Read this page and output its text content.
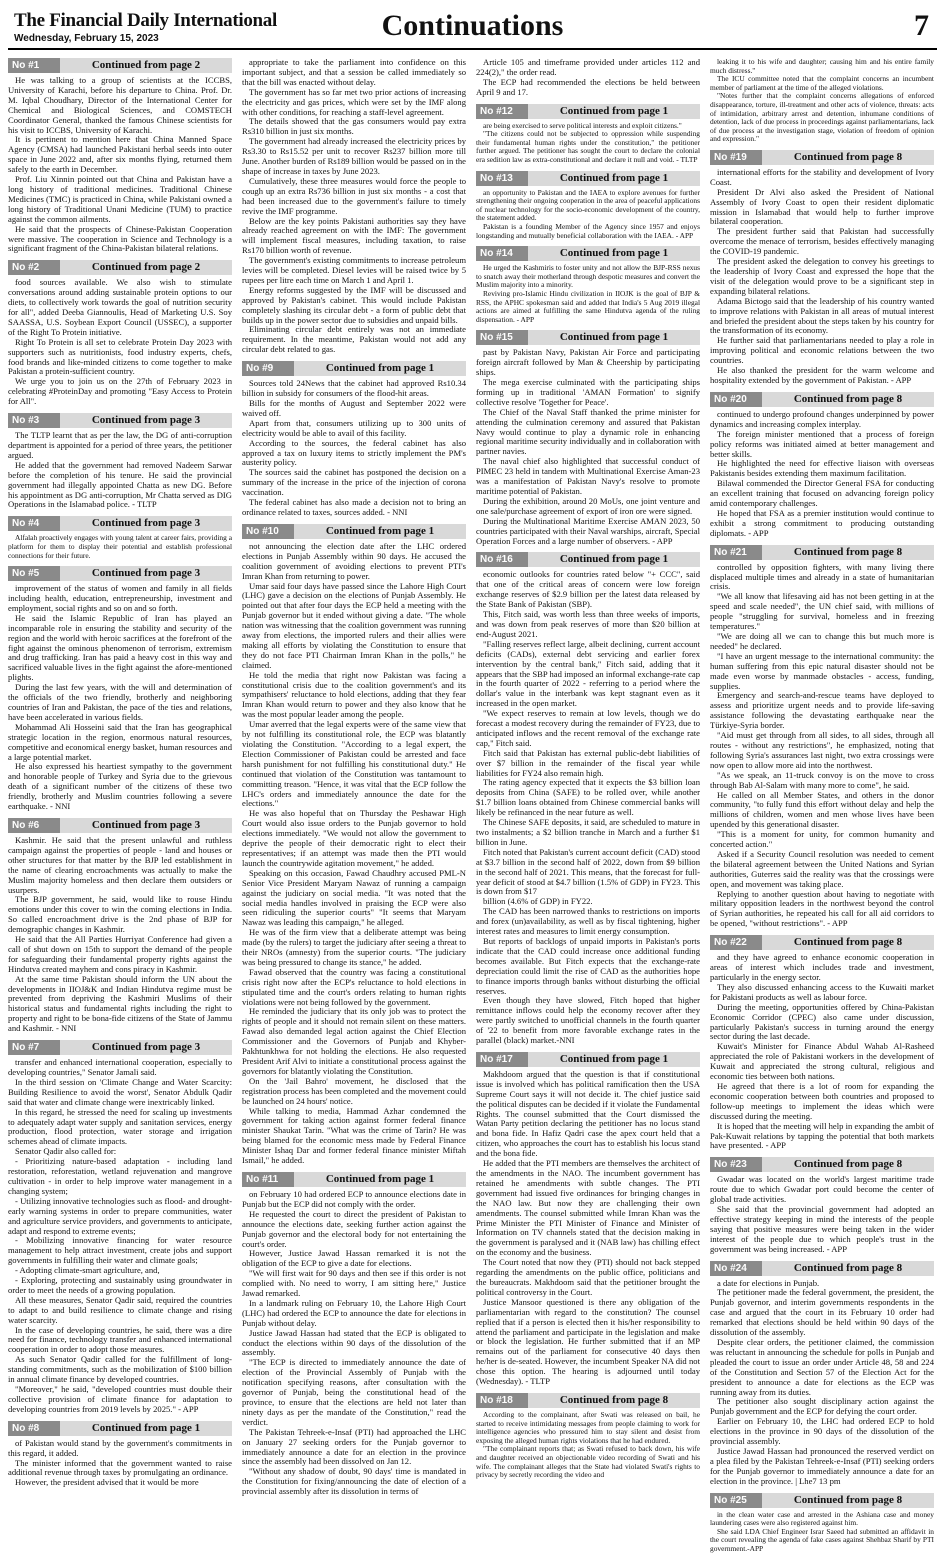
The Financial Daily International
Wednesday, February 15, 2023	Continuations	7
No #1	Continued from page 2

He was talking to a group of scientists at the ICCBS, University of Karachi, before his departure to China. Prof. Dr. M. Iqbal Choudhary, Director of the International Center for Chemical and Biological Sciences, and COMSTECH Coordinator General, thanked the famous Chinese scientists for his visit to ICCBS, University of Karachi.

It is pertinent to mention here that China Manned Space Agency (CMSA) had launched Pakistani herbal seeds into outer space in June 2022 and, after six months flying, returned them safely to the earth in December.

Prof. Liu Xinnin pointed out that China and Pakistan have a long history of traditional medicines. Traditional Chinese Medicines (TMC) is practiced in China, while Pakistani owned a long history of Traditional Unani Medicine (TUM) to practice against the common ailments.

He said that the prospects of Chinese-Pakistan Cooperation were massive. The cooperation in Science and Technology is a significant fragment of the China-Pakistan bilateral relations.

No #2	Continued from page 2

food sources available. We also wish to stimulate conversations around adding sustainable protein options to our diets, to collectively work towards the goal of nutrition security for all", added Deeba Giannoulis, Head of Marketing U.S. Soy SAASSA, U.S. Soybean Export Council (USSEC), a supporter of the Right To Protein initiative.

Right To Protein is all set to celebrate Protein Day 2023 with supporters such as nutritionists, food industry experts, chefs, food brands and like-minded citizens to come together to make Pakistan a protein-sufficient country.

We urge you to join us on the 27th of February 2023 in celebrating #ProteinDay and promoting "Easy Access to Protein for All".

No #3	Continued from page 3

The TLTP learnt that as per the law, the DG of anti-corruption department is appointed for a period of three years, the petitioner argued.

He added that the government had removed Nadeem Sarwar before the completion of his tenure. He said the provincial government had illegally appointed Chatta as new DG. Before his appointment as DG anti-corruption, Mr Chatta served as DIG Operations in the Islamabad police. - TLTP

No #4	Continued from page 3

Alfalah proactively engages with young talent at career fairs, providing a platform for them to display their potential and establish professional connections for their future.

No #5	Continued from page 3

improvement of the status of women and family in all fields including health, education, entrepreneurship, investment and employment, social rights and so on and so forth.

He said the Islamic Republic of Iran has played an incomparable role in ensuring the stability and security of the region and the world with heroic sacrifices at the forefront of the fight against the ominous phenomenon of terrorism, extremism and drug trafficking. Iran has paid a heavy cost in this way and sacrificed valuable lives in the fight against the afore-mentioned plights.

During the last few years, with the will and determination of the officials of the two friendly, brotherly and neighboring countries of Iran and Pakistan, the pace of the ties and relations, have been accelerated in various fields.

Mohammad Ali Hosseini said that the Iran has geographical strategic location in the region, enormous natural resources, competitive and economical energy basket, human resources and a large potential market.

He also expressed his heartiest sympathy to the government and honorable people of Turkey and Syria due to the grievous death of a significant number of the citizens of these two friendly, brotherly and Muslim countries following a severe earthquake. - NNI

No #6	Continued from page 3

Kashmir. He said that the present unlawful and ruthless campaign against the properties of people - land and houses or other structures for that matter by the BJP led establishment in the name of clearing encroachments was actually to make the Muslim majority homeless and then declare them outsiders or usurpers.

The BJP government, he said, would like to rouse Hindu emotions under this cover to win the coming elections in India. So called encroachment drive is the 2nd phase of BJP for demographic changes in Kashmir.

He said that the All Parties Hurriyat Conference had given a call of shut down on 15th to support the demand of the people for safeguarding their fundamental property rights against the Hindutva created mayhem and cons piracy in Kashmir.

At the same time Pakistan should inform the UN about the developments in IIOJ&K and Indian Hindutva regime must be prevented from depriving the Kashmiri Muslims of their historical status and fundamental rights including the right to property and right to be bona-fide citizens of the State of Jammu and Kashmir. - NNI

No #7	Continued from page 3

transfer and enhanced international cooperation, especially to developing countries," Senator Jamali said.

In the third session on 'Climate Change and Water Scarcity: Building Resilience to avoid the worst', Senator Abdulk Qadir said that water and climate change were inextricably linked.

In this regard, he stressed the need for scaling up investments to adequately adapt water supply and sanitation services, energy production, flood protection, water storage and irrigation schemes ahead of climate impacts.

Senator Qadir also called for:

- Prioritizing nature-based adaptation - including land restoration, reforestation, wetland rejuvenation and mangrove cultivation - in order to help improve water management in a changing system;

- Utilizing innovative technologies such as flood- and drought-early warning systems in order to prepare communities, water and agriculture service providers, and governments to anticipate, adapt and respond to extreme events;

- Mobilizing innovative financing for water resource management to help attract investment, create jobs and support governments in fulfilling their water and climate goals;

- Adopting climate-smart agriculture, and,

- Exploring, protecting and sustainably using groundwater in order to meet the needs of a growing population.

All these measures, Senator Qadir said, required the countries to adapt to and build resilience to climate change and rising water scarcity.

In the case of developing countries, he said, there was a dire need for finance, technology transfer and enhanced international cooperation in order to adopt those measures.

As such Senator Qadir called for the fulfillment of long-standing commitments, such as the mobilization of $100 billion in annual climate finance by developed countries.

"Moreover," he said, "developed countries must double their collective provision of climate finance for adaptation to developing countries from 2019 levels by 2025." - APP

No #8	Continued from page 1

of Pakistan would stand by the government's commitments in this regard, it added.

The minister informed that the government wanted to raise additional revenue through taxes by promulgating an ordinance.

However, the president advised that it would be more

appropriate to take the parliament into confidence on this important subject, and that a session be called immediately so that the bill was enacted without delay.

The government has so far met two prior actions of increasing the electricity and gas prices, which were set by the IMF along with other conditions, for reaching a staff-level agreement.

The details showed that the gas consumers would pay extra Rs310 billion in just six months.

The government had already increased the electricity prices by Rs3.30 to Rs15.52 per unit to recover Rs237 billion more till June. Another burden of Rs189 billion would be passed on in the shape of increase in taxes by June 2023.

Cumulatively, these three measures would force the people to cough up an extra Rs736 billion in just six months - a cost that had been increased due to the government's failure to timely revive the IMF programme.

Below are the key points Pakistani authorities say they have already reached agreement on with the IMF: The government will implement fiscal measures, including taxation, to raise Rs170 billion worth of revenue.

The government's existing commitments to increase petroleum levies will be completed. Diesel levies will be raised twice by 5 rupees per litre each time on March 1 and April 1.

Energy reforms suggested by the IMF will be discussed and approved by Pakistan's cabinet. This would include Pakistan completely slashing its circular debt - a form of public debt that builds up in the power sector due to subsidies and unpaid bills.

Eliminating circular debt entirely was not an immediate requirement. In the meantime, Pakistan would not add any circular debt related to gas.

No #9	Continued from page 1

Sources told 24News that the cabinet had approved Rs10.34 billion in subsidy for consumers of the flood-hit areas.

Bills for the months of August and September 2022 were waived off.

Apart from that, consumers utilizing up to 300 units of electricity would be able to avail of this facility.

According to the sources, the federal cabinet has also approved a tax on luxury items to strictly implement the PM's austerity policy.

The sources said the cabinet has postponed the decision on a summary of the increase in the price of the injection of corona vaccination.

The federal cabinet has also made a decision not to bring an ordinance related to taxes, sources added. - NNI

No #10	Continued from page 1

not announcing the election date after the LHC ordered elections in Punjab Assembly within 90 days. He accused the coalition government of avoiding elections to prevent PTI's Imran Khan from returning to power.

Umar said four days have passed since the Lahore High Court (LHC) gave a decision on the elections of Punjab Assembly. He pointed out that after four days the ECP held a meeting with the Punjab governor but it ended without giving a date. "The whole nation was witnessing that the coalition government was running away from elections, the imported rulers and their allies were making all efforts by violating the Constitution to ensure that they do not face PTI Chairman Imran Khan in the polls," he claimed.

He told the media that right now Pakistan was facing a constitutional crisis due to the coalition government's and its sympathisers' reluctance to hold elections, adding that they fear Imran Khan would return to power and they also know that he was the most popular leader among the people.

Umar averred that the legal experts were of the same view that by not fulfilling its constitutional role, the ECP was blatantly violating the Constitution. "According to a legal expert, the Election Commissioner of Pakistan could be arrested and face harsh punishment for not fulfilling his constitutional duty." He continued that violation of the Constitution was tantamount to committing treason. "Hence, it was vital that the ECP follow the LHC's orders and immediately announce the date for the elections."

He was also hopeful that on Thursday the Peshawar High Court would also issue orders to the Punjab governor to hold elections immediately. "We would not allow the government to deprive the people of their democratic right to elect their representatives; if an attempt was made then the PTI would launch the countrywide agitation movement," he added.

Speaking on this occasion, Fawad Chaudhry accused PML-N Senior Vice President Maryam Nawaz of running a campaign against the judiciary on social media. "It was noted that the social media handles involved in praising the ECP were also seen ridiculing the superior courts" "It seems that Maryam Nawaz was leading this campaign," he alleged.

He was of the firm view that a deliberate attempt was being made (by the rulers) to target the judiciary after seeing a threat to their NROs (amnesty) from the superior courts. "The judiciary was being pressured to change its stance," he added.

Fawad observed that the country was facing a constitutional crisis right now after the ECP's reluctance to hold elections in stipulated time and the court's orders relating to human rights violations were not being followed by the government.

He reminded the judiciary that its only job was to protect the rights of people and it should not remain silent on these matters. Fawad also demanded legal action against the Chief Election Commissioner and the Governors of Punjab and Khyber-Pakhtunkhwa for not holding the elections. He also requested President Arif Alvi to initiate a constitutional process against the governors for blatantly violating the Constitution.

On the 'Jail Bahro' movement, he disclosed that the registration process has been completed and the movement could be launched on 24 hours' notice.

While talking to media, Hammad Azhar condemned the government for taking action against former federal finance minister Shaukat Tarin. "What was the crime of Tarin? He was being blamed for the economic mess made by Federal Finance Minister Ishaq Dar and former federal finance minister Miftah Ismail," he added.

No #11	Continued from page 1

on February 10 had ordered ECP to announce elections date in Punjab but the ECP did not comply with the order.

He requested the court to direct the president of Pakistan to announce the elections date, seeking further action against the Punjab governor and the electoral body for not entertaining the court's order.

However, Justice Jawad Hassan remarked it is not the obligation of the ECP to give a date for elections.

"We will first wait for 90 days and then see if this order is not complied with. No need to worry, I am sitting here," Justice Jawad remarked.

In a landmark ruling on February 10, the Lahore High Court (LHC) had ordered the ECP to announce the date for elections in Punjab without delay.

Justice Jawad Hassan had stated that the ECP is obligated to conduct the elections within 90 days of the dissolution of the assembly.

"The ECP is directed to immediately announce the date of election of the Provincial Assembly of Punjab with the notification specifying reasons, after consultation with the governor of Punjab, being the constitutional head of the province, to ensure that the elections are held not later than ninety days as per the mandate of the Constitution," read the verdict.

The Pakistan Tehreek-e-Insaf (PTI) had approached the LHC on January 27 seeking orders for the Punjab governor to immediately announce a date for an election in the province since the assembly had been dissolved on Jan 12.

"Without any shadow of doubt, 90 days' time is mandated in the Constitution for fixing/announcing the date of election of a provincial assembly after its dissolution in terms of

Article 105 and timeframe provided under articles 112 and 224(2)," the order read.

The ECP had recommended the elections be held between April 9 and 17.

No #12	Continued from page 1

are being exercised to serve political interests and exploit citizens."

"The citizens could not be subjected to oppression while suspending their fundamental human rights under the constitution," the petitioner further argued. The petitioner has sought the court to declare the colonial era sedition law as extra-constitutional and declare it null and void. - TLTP

No #13	Continued from page 1

an opportunity to Pakistan and the IAEA to explore avenues for further strengthening their ongoing cooperation in the area of peaceful applications of nuclear technology for the socio-economic development of the country, the statement added.

Pakistan is a founding Member of the Agency since 1957 and enjoys longstanding and mutually beneficial collaboration with the IAEA. - APP

No #14	Continued from page 1

He urged the Kashmiris to foster unity and not allow the BJP-RSS nexus to snatch away their motherland through despotic measures and convert the Muslim majority into a minority.

Reviving pro-Islamic Hindu civilization in IIOJK is the goal of BJP & RSS, the APHC spokesman said and added that India's 5 Aug 2019 illegal actions are aimed at fulfilling the same Hindutva agenda of the ruling dispensation. - APP

No #15	Continued from page 1

past by Pakistan Navy, Pakistan Air Force and participating foreign aircraft followed by Man & Cheership by participating ships.

The mega exercise culminated with the participating ships forming up in traditional 'AMAN Formation' to signify collective resolve 'Together for Peace'.

The Chief of the Naval Staff thanked the prime minister for attending the culmination ceremony and assured that Pakistan Navy would continue to play a dynamic role in enhancing regional maritime security individually and in collaboration with partner navies.

The naval chief also highlighted that successful conduct of PIMEC 23 held in tandem with Multinational Exercise Aman-23 was a manifestation of Pakistan Navy's resolve to promote maritime potential of Pakistan.

During the exhibition, around 20 MoUs, one joint venture and one sale/purchase agreement of export of iron ore were signed.

During the Multinational Maritime Exercise AMAN 2023, 50 countries participated with their Naval warships, aircraft, Special Operation Forces and a large number of observers. - APP

No #16	Continued from page 1

economic outlooks for countries rated below "+ CCC", said that one of the critical areas of concern were low foreign exchange reserves of $2.9 billion per the latest data released by the State Bank of Pakistan (SBP).

This, Fitch said, was worth less than three weeks of imports, and was down from peak reserves of more than $20 billion at end-August 2021.

"Falling reserves reflect large, albeit declining, current account deficits (CADs), external debt servicing and earlier forex intervention by the central bank," Fitch said, adding that it appears that the SBP had imposed an informal exchange-rate cap in the fourth quarter of 2022 - referring to a period where the dollar's value in the interbank was kept stagnant even as it increased in the open market.

"We expect reserves to remain at low levels, though we do forecast a modest recovery during the remainder of FY23, due to anticipated inflows and the recent removal of the exchange rate cap," Fitch said.

Fitch said that Pakistan has external public-debt liabilities of over $7 billion in the remainder of the fiscal year while liabilities for FY24 also remain high.

The rating agency expected that it expects the $3 billion loan deposits from China (SAFE) to be rolled over, while another $1.7 billion loans obtained from Chinese commercial banks will likely be refinanced in the near future as well.

The Chinese SAFE deposits, it said, are scheduled to mature in two instalments; a $2 billion tranche in March and a further $1 billion in June.

Fitch noted that Pakistan's current account deficit (CAD) stood at $3.7 billion in the second half of 2022, down from $9 billion in the second half of 2021. This means, that the forecast for full-year deficit of stood at $4.7 billion (1.5% of GDP) in FY23. This is down from $17

billion (4.6% of GDP) in FY22.

The CAD has been narrowed thanks to restrictions on imports and forex (un)availability, as well as by fiscal tightening, higher interest rates and measures to limit energy consumption.

But reports of backlogs of unpaid imports in Pakistan's ports indicate that the CAD could increase once additional funding becomes available. But Fitch expects that the exchange-rate depreciation could limit the rise of CAD as the authorities hope to finance imports through banks without disturbing the official reserves.

Even though they have slowed, Fitch hoped that higher remittance inflows could help the economy recover after they were partly switched to unofficial channels in the fourth quarter of '22 to benefit from more favorable exchange rates in the parallel (black) market.-NNI

No #17	Continued from page 1

Makhdoom argued that the question is that if constitutional issue is involved which has political ramification then the USA Supreme Court says it will not decide it. The chief justice said the political disputes can be decided if it violate the Fundamental Rights. The counsel submitted that the Court dismissed the Watan Party petition declaring the petitioner has no locus stand and bona fide. In Hafiz Qadri case the apex court held that a citizen, who approaches the court has to establish his locus stand and the bona fide.

He added that the PTI members are themselves the architect of the amendments in the NAO. The incumbent government has retained he amendments with subtle changes. The PTI government had issued five ordinances for bringing changes in the NAO law. But now they are challenging their own amendments. The counsel submitted while Imran Khan was the Prime Minister the PTI Minister of Finance and Minister of Information on TV channels stated that the decision making in the government is paralysed and it (NAB law) has chilling effect on the economy and the business.

The Court noted that now they (PTI) should not back stepped regarding the amendments on the public office, politicians and the bureaucrats. Makhdoom said that the petitioner brought the political controversy in the Court.

Justice Mansoor questioned is there any obligation of the parliamentarian with regard to the constitution? The counsel replied that if a person is elected then it his/her responsibility to attend the parliament and participate in the legislation and make or block the legislation. He further submitted that if an MP remains out of the parliament for consecutive 40 days then he/her is de-seated. However, the incumbent Speaker NA did not chose this option. The hearing is adjourned until today (Wednesday). - TLTP

No #18	Continued from page 8

According to the complainant, after Swati was released on bail, he started to receive intimidating messages from people claiming to work for intelligence agencies who pressured him to stay silent and desist from exposing the alleged human rights violations that he had endured.

"The complainant reports that; as Swati refused to back down, his wife and daughter received an objectionable video recording of Swati and his wife. The complainant alleges that the State had violated Swati's rights to privacy by secretly recording the video and

leaking it to his wife and daughter; causing him and his entire family much distress."

The ICU committee noted that the complaint concerns an incumbent member of parliament at the time of the alleged violations.

"Notes further that the complaint concerns allegations of enforced disappearance, torture, ill-treatment and other acts of violence, threats: acts of intimidation, arbitrary arrest and detention, inhumane conditions of detention, lack of due process in proceedings against parliamentarians, lack of due process at the investigation stage, violation of freedom of opinion and expression."

No #19	Continued from page 8

international efforts for the stability and development of Ivory Coast.

President Dr Alvi also asked the President of National Assembly of Ivory Coast to open their resident diplomatic mission in Islamabad that would help to further improve bilateral cooperation.

The president further said that Pakistan had successfully overcome the menace of terrorism, besides effectively managing the COVID-19 pandemic.

The president asked the delegation to convey his greetings to the leadership of Ivory Coast and expressed the hope that the visit of the delegation would prove to be a significant step in expanding bilateral relations.

Adama Bictogo said that the leadership of his country wanted to improve relations with Pakistan in all areas of mutual interest and briefed the president about the steps taken by his country for the transformation of its economy.

He further said that parliamentarians needed to play a role in improving political and economic relations between the two countries.

He also thanked the president for the warm welcome and hospitality extended by the government of Pakistan. - APP

No #20	Continued from page 8

continued to undergo profound changes underpinned by power dynamics and increasing complex interplay.

The foreign minister mentioned that a process of foreign policy reforms was initiated aimed at better management and better skills.

He highlighted the need for effective liaison with overseas Pakistanis besides extending them maximum facilitation.

Bilawal commended the Director General FSA for conducting an excellent training that focused on advancing foreign policy amid contemporary challenges.

He hoped that FSA as a premier institution would continue to exhibit a strong commitment to producing outstanding diplomats. - APP

No #21	Continued from page 8

controlled by opposition fighters, with many living there displaced multiple times and already in a state of humanitarian crisis.

"We all know that lifesaving aid has not been getting in at the speed and scale needed", the UN chief said, with millions of people "struggling for survival, homeless and in freezing temperatures."

"We are doing all we can to change this but much more is needed" he declared.

"I have an urgent message to the international community: the human suffering from this epic natural disaster should not be made even worse by manmade obstacles - access, funding, supplies.

Emergency and search-and-rescue teams have deployed to assess and prioritize urgent needs and to provide life-saving assistance following the devastating earthquake near the Türkiye-Syria border.

"Aid must get through from all sides, to all sides, through all routes - without any restrictions", he emphasized, noting that following Syria's assurances last night, two extra crossings were now open to allow more aid into the northwest.

"As we speak, an 11-truck convoy is on the move to cross through Bab Al-Salam with many more to come", he said.

He called on all Member States, and others in the donor community, "to fully fund this effort without delay and help the millions of children, women and men whose lives have been upended by this generational disaster.

"This is a moment for unity, for common humanity and concerted action."

Asked if a Security Council resolution was needed to cement the bilateral agreement between the United Nations and Syrian authorities, Guterres said the reality was that the crossings were open, and movement was taking place.

Replying to another question about having to negotiate with military opposition leaders in the northwest beyond the control of Syrian authorities, he repeated his call for all aid corridors to be opened, "without restrictions". - APP

No #22	Continued from page 8

and they have agreed to enhance economic cooperation in areas of interest which includes trade and investment, particularly in the energy sector.

They also discussed enhancing access to the Kuwaiti market for Pakistani products as well as labour force.

During the meeting, opportunities offered by China-Pakistan Economic Corridor (CPEC) also came under discussion, particularly Pakistan's success in turning around the energy sector during the last decade.

Kuwait's Minister for Finance Abdul Wahab Al-Rasheed appreciated the role of Pakistani workers in the development of Kuwait and appreciated the strong cultural, religious and economic ties between both nations.

He agreed that there is a lot of room for expanding the economic cooperation between both countries and proposed to follow-up meetings to implement the ideas which were discussed during the meeting.

It is hoped that the meeting will help in expanding the ambit of Pak-Kuwait relations by tapping the potential that both markets have presented. - APP

No #23	Continued from page 8

Gwadar was located on the world's largest maritime trade route due to which Gwadar port could become the center of global trade activities.

She said that the provincial government had adopted an effective strategy keeping in mind the interests of the people saying that positive measures were being taken in the wider interest of the people due to which people's trust in the government was being increased. - APP

No #24	Continued from page 8

a date for elections in Punjab.

The petitioner made the federal government, the president, the Punjab governor, and interim governments respondents in the case and argued that the court in its February 10 order had remarked that elections should be held within 90 days of the dissolution of the assembly.

Despite clear orders, the petitioner claimed, the commission was reluctant in announcing the schedule for polls in Punjab and pleaded the court to issue an order under Article 48, 58 and 224 of the Constitution and Section 57 of the Election Act for the president to announce a date for elections as the ECP was running away from its duties.

The petitioner also sought disciplinary action against the Punjab government and the ECP for defying the court order.

Earlier on February 10, the LHC had ordered ECP to hold elections in the province in 90 days of the dissolution of the provincial assembly.

Justice Jawad Hassan had pronounced the reserved verdict on a plea filed by the Pakistan Tehreek-e-Insaf (PTI) seeking orders for the Punjab governor to immediately announce a date for an election in the province. | Lhe7 13 pm

No #25	Continued from page 8

in the clean water case and arrested in the Ashiana case and money laundering cases were also registered against him.

She said LDA Chief Engineer Israr Saeed had submitted an affidavit in the court revealing the agenda of fake cases against Shehbaz Sharif by PTI government.-APP
